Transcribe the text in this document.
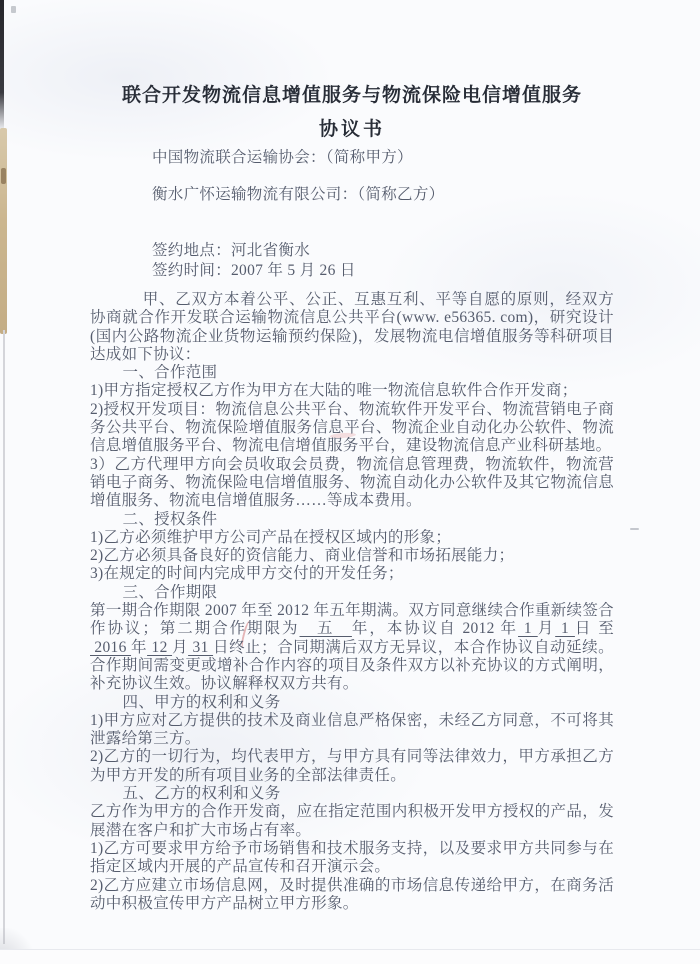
联合开发物流信息增值服务与物流保险电信增值服务
协议书
中国物流联合运输协会：（简称甲方）
衡水广怀运输物流有限公司：（简称乙方）
签约地点：河北省衡水
签约时间：2007 年 5 月 26 日
甲、乙双方本着公平、公正、互惠互利、平等自愿的原则，经双方协商就合作开发联合运输物流信息公共平台(www. e56365. com)，研究设计(国内公路物流企业货物运输预约保险)，发展物流电信增值服务等科研项目达成如下协议：
一、合作范围
1)甲方指定授权乙方作为甲方在大陆的唯一物流信息软件合作开发商；
2)授权开发项目：物流信息公共平台、物流软件开发平台、物流营销电子商务公共平台、物流保险增值服务信息平台、物流企业自动化办公软件、物流信息增值服务平台、物流电信增值服务平台，建设物流信息产业科研基地。
3）乙方代理甲方向会员收取会员费，物流信息管理费，物流软件，物流营销电子商务、物流保险电信增值服务、物流自动化办公软件及其它物流信息增值服务、物流电信增值服务……等成本费用。
二、授权条件
1)乙方必须维护甲方公司产品在授权区域内的形象；
2)乙方必须具备良好的资信能力、商业信誉和市场拓展能力；
3)在规定的时间内完成甲方交付的开发任务；
三、合作期限
第一期合作期限 2007 年至 2012 年五年期满。双方同意继续合作重新续签合作协议；第二期合作期限为　五　年，本协议自 2012 年 1 月 1 日 至  2016 年 12 月 31 日终止；合同期满后双方无异议，本合作协议自动延续。合作期间需变更或增补合作内容的项目及条件双方以补充协议的方式阐明，补充协议生效。协议解释权双方共有。
四、甲方的权利和义务
1)甲方应对乙方提供的技术及商业信息严格保密，未经乙方同意，不可将其泄露给第三方。
2)乙方的一切行为，均代表甲方，与甲方具有同等法律效力，甲方承担乙方为甲方开发的所有项目业务的全部法律责任。
五、乙方的权利和义务
乙方作为甲方的合作开发商，应在指定范围内积极开发甲方授权的产品，发展潜在客户和扩大市场占有率。
1)乙方可要求甲方给予市场销售和技术服务支持，以及要求甲方共同参与在指定区域内开展的产品宣传和召开演示会。
2)乙方应建立市场信息网，及时提供准确的市场信息传递给甲方，在商务活动中积极宣传甲方产品树立甲方形象。
